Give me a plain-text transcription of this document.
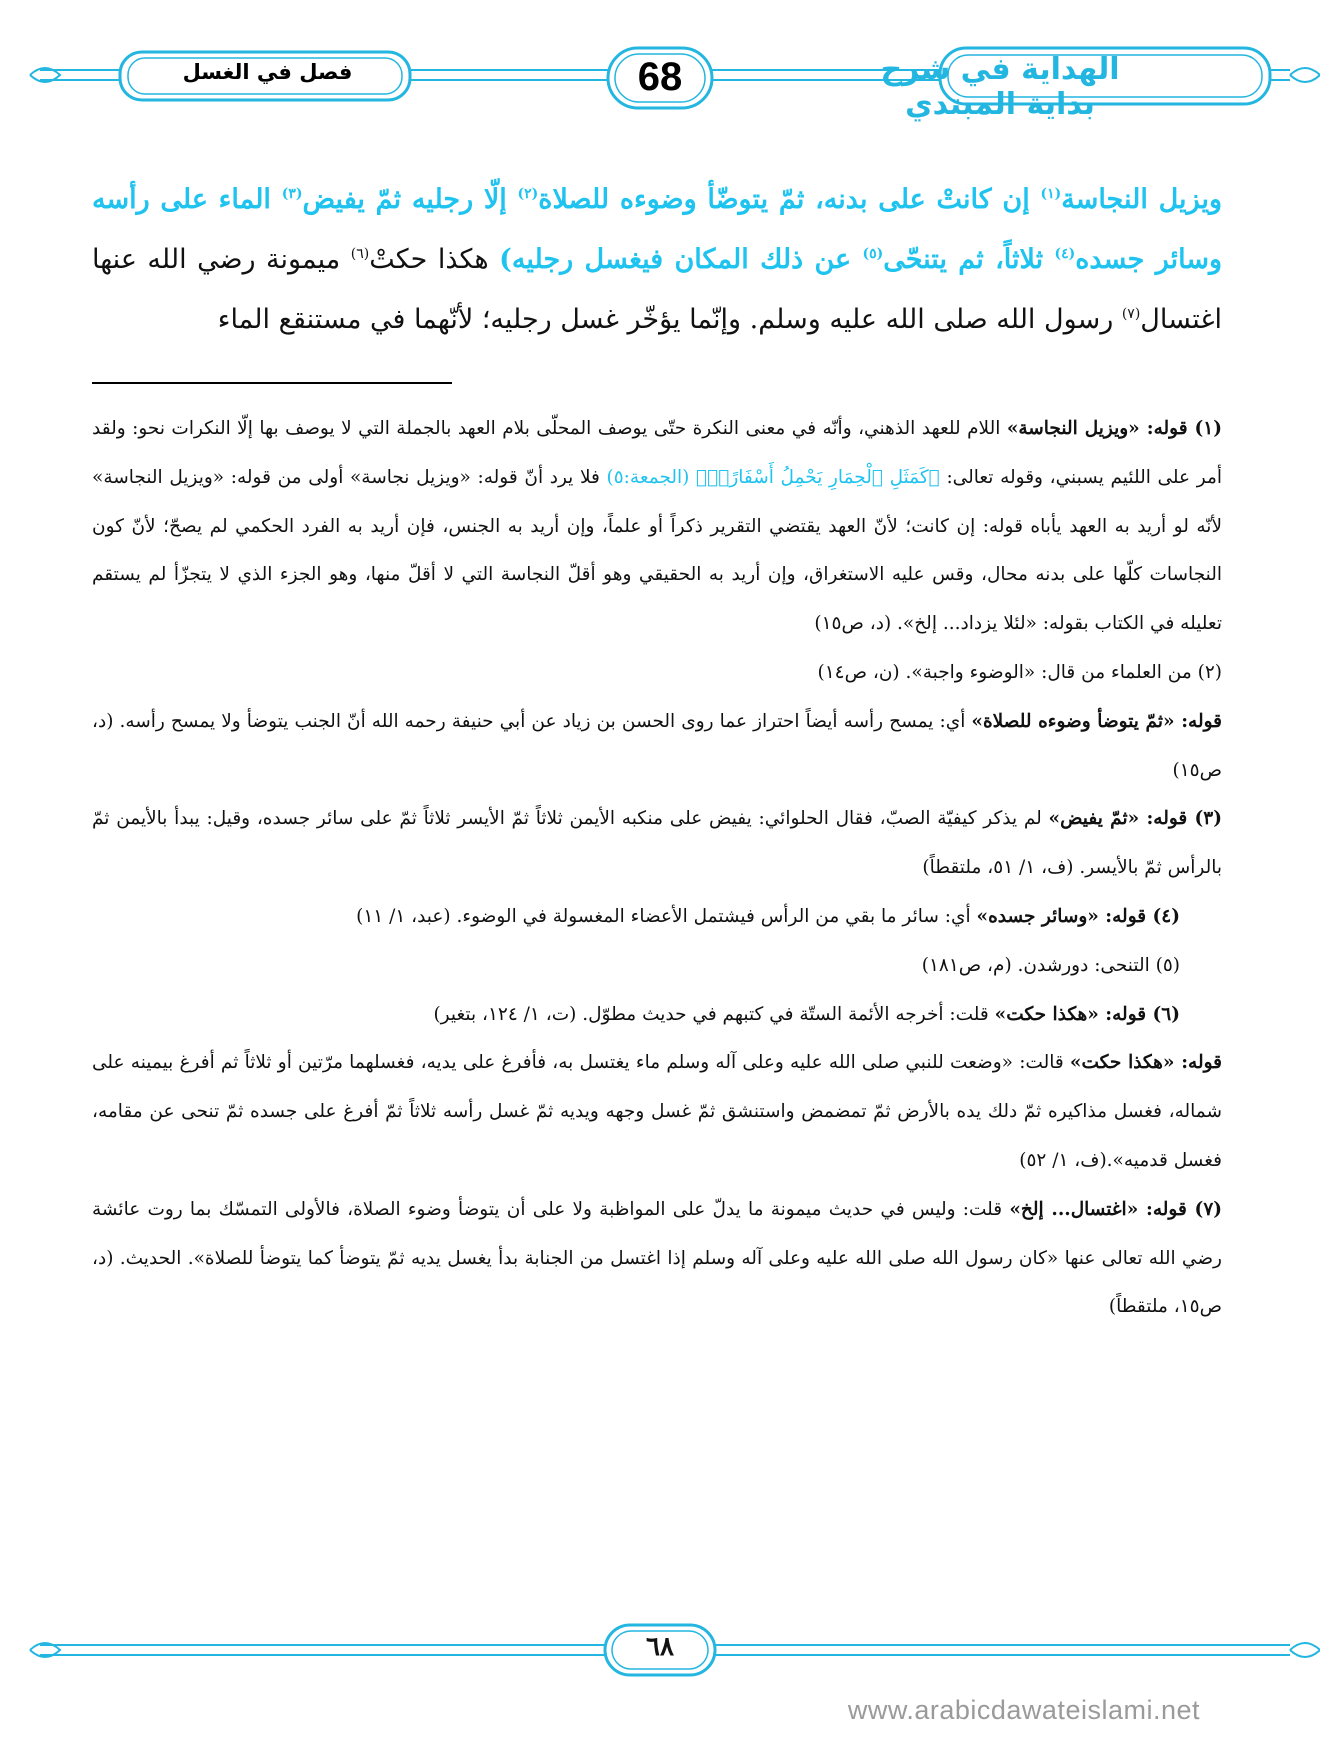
الهداية في شرح بداية المبتدي
68
فصل في الغسل
ويزيل النجاسة$^{(١)}$ إن كانتْ على بدنه، ثمّ يتوضّأ وضوءه للصلاة$^{(٢)}$ إلّا رجليه ثمّ يفيض$^{(٣)}$ الماء على رأسه وسائر جسده$^{(٤)}$ ثلاثاً، ثم يتنحّى$^{(٥)}$ عن ذلك المكان فيغسل رجليه) هكذا حكتْ$^{(٦)}$ ميمونة رضي الله عنها اغتسال$^{(٧)}$ رسول الله صلى الله عليه وسلم. وإنّما يؤخّر غسل رجليه؛ لأنّهما في مستنقع الماء

(١) قوله: «ويزيل النجاسة» اللام للعهد الذهني، وأنّه في معنى النكرة حتّى يوصف المحلّى بلام العهد بالجملة التي لا يوصف بها إلّا النكرات نحو: ولقد أمر على اللئيم يسبني، وقوله تعالى: ﴿كَمَثَلِ ٱلْحِمَارِ يَحْمِلُ أَسْفَارًاۢ﴾ (الجمعة:٥) فلا يرد أنّ قوله: «ويزيل نجاسة» أولى من قوله: «ويزيل النجاسة» لأنّه لو أريد به العهد يأباه قوله: إن كانت؛ لأنّ العهد يقتضي التقرير ذكراً أو علماً، وإن أريد به الجنس، فإن أريد به الفرد الحكمي لم يصحّ؛ لأنّ كون النجاسات كلّها على بدنه محال، وقس عليه الاستغراق، وإن أريد به الحقيقي وهو أقلّ النجاسة التي لا أقلّ منها، وهو الجزء الذي لا يتجزّأ لم يستقم تعليله في الكتاب بقوله: «لئلا يزداد... إلخ». (د، ص١٥)

(٢) من العلماء من قال: «الوضوء واجبة». (ن، ص١٤)

قوله: «ثمّ يتوضأ وضوءه للصلاة» أي: يمسح رأسه أيضاً احتراز عما روى الحسن بن زياد عن أبي حنيفة رحمه الله أنّ الجنب يتوضأ ولا يمسح رأسه. (د، ص١٥)

(٣) قوله: «ثمّ يفيض» لم يذكر كيفيّة الصبّ، فقال الحلوائي: يفيض على منكبه الأيمن ثلاثاً ثمّ الأيسر ثلاثاً ثمّ على سائر جسده، وقيل: يبدأ بالأيمن ثمّ بالرأس ثمّ بالأيسر. (ف، ١/ ٥١، ملتقطاً)

(٤) قوله: «وسائر جسده» أي: سائر ما بقي من الرأس فيشتمل الأعضاء المغسولة في الوضوء. (عبد، ١/ ١١)

(٥) التنحى: دورشدن. (م، ص١٨١)

(٦) قوله: «هكذا حكت» قلت: أخرجه الأئمة الستّة في كتبهم في حديث مطوّل. (ت، ١/ ١٢٤، بتغير)

قوله: «هكذا حكت» قالت: «وضعت للنبي صلى الله عليه وعلى آله وسلم ماء يغتسل به، فأفرغ على يديه، فغسلهما مرّتين أو ثلاثاً ثم أفرغ بيمينه على شماله، فغسل مذاكيره ثمّ دلك يده بالأرض ثمّ تمضمض واستنشق ثمّ غسل وجهه ويديه ثمّ غسل رأسه ثلاثاً ثمّ أفرغ على جسده ثمّ تنحى عن مقامه، فغسل قدميه».(ف، ١/ ٥٢)

(٧) قوله: «اغتسال... إلخ» قلت: وليس في حديث ميمونة ما يدلّ على المواظبة ولا على أن يتوضأ وضوء الصلاة، فالأولى التمسّك بما روت عائشة رضي الله تعالى عنها «كان رسول الله صلى الله عليه وعلى آله وسلم إذا اغتسل من الجنابة بدأ يغسل يديه ثمّ يتوضأ كما يتوضأ للصلاة». الحديث. (د، ص١٥، ملتقطاً)

٦٨
www.arabicdawateislami.net
